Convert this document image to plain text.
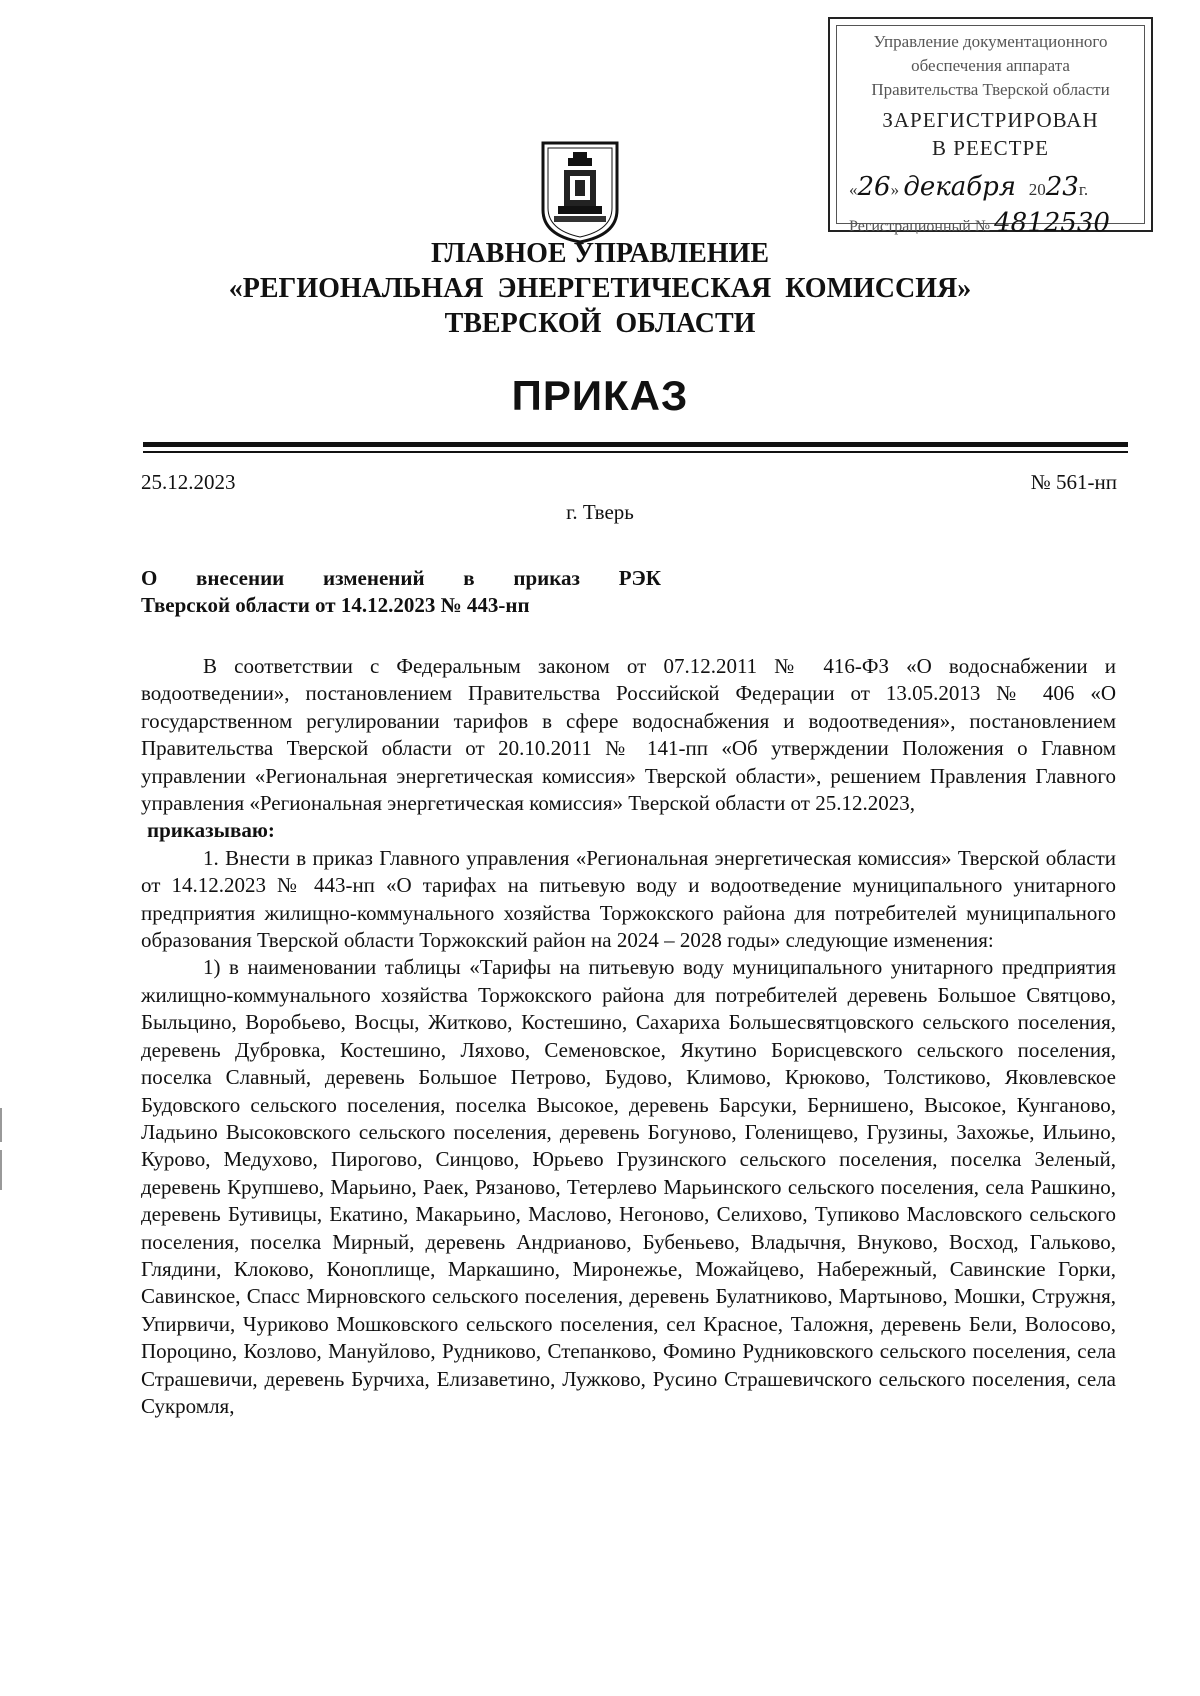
Управление документационного
обеспечения аппарата
Правительства Тверской области
ЗАРЕГИСТРИРОВАН
В РЕЕСТРЕ
«26» декабря 2023г.
Регистрационный № 4812530
ГЛАВНОЕ УПРАВЛЕНИЕ
«РЕГИОНАЛЬНАЯ  ЭНЕРГЕТИЧЕСКАЯ  КОМИССИЯ»
ТВЕРСКОЙ  ОБЛАСТИ
ПРИКАЗ
25.12.2023	№ 561-нп
г. Тверь
О внесении изменений в приказ РЭК
Тверской области от 14.12.2023 № 443-нп

В соответствии с Федеральным законом от 07.12.2011 № 416-ФЗ «О водоснабжении и водоотведении», постановлением Правительства Российской Федерации от 13.05.2013 № 406 «О государственном регулировании тарифов в сфере водоснабжения и водоотведения», постановлением Правительства Тверской области от 20.10.2011 № 141-пп «Об утверждении Положения о Главном управлении «Региональная энергетическая комиссия» Тверской области», решением Правления Главного управления «Региональная энергетическая комиссия» Тверской области от 25.12.2023,

приказываю:

1. Внести в приказ Главного управления «Региональная энергетическая комиссия» Тверской области от 14.12.2023 № 443-нп «О тарифах на питьевую воду и водоотведение муниципального унитарного предприятия жилищно-коммунального хозяйства Торжокского района для потребителей муниципального образования Тверской области Торжокский район на 2024 – 2028 годы» следующие изменения:

1) в наименовании таблицы «Тарифы на питьевую воду муниципального унитарного предприятия жилищно-коммунального хозяйства Торжокского района для потребителей деревень Большое Святцово, Быльцино, Воробьево, Восцы, Житково, Костешино, Сахариха Большесвятцовского сельского поселения, деревень Дубровка, Костешино, Ляхово, Семеновское, Якутино Борисцевского сельского поселения, поселка Славный, деревень Большое Петрово, Будово, Климово, Крюково, Толстиково, Яковлевское Будовского сельского поселения, поселка Высокое, деревень Барсуки, Бернишено, Высокое, Кунганово, Ладьино Высоковского сельского поселения, деревень Богуново, Голенищево, Грузины, Захожье, Ильино, Курово, Медухово, Пирогово, Синцово, Юрьево Грузинского сельского поселения, поселка Зеленый, деревень Крупшево, Марьино, Раек, Рязаново, Тетерлево Марьинского сельского поселения, села Рашкино, деревень Бутивицы, Екатино, Макарьино, Маслово, Негоново, Селихово, Тупиково Масловского сельского поселения, поселка Мирный, деревень Андрианово, Бубеньево, Владычня, Внуково, Восход, Гальково, Глядини, Клоково, Коноплище, Маркашино, Миронежье, Можайцево, Набережный, Савинские Горки, Савинское, Спасс Мирновского сельского поселения, деревень Булатниково, Мартыново, Мошки, Стружня, Упирвичи, Чуриково Мошковского сельского поселения, сел Красное, Таложня, деревень Бели, Волосово, Пороцино, Козлово, Мануйлово, Рудниково, Степанково, Фомино Рудниковского сельского поселения, села Страшевичи, деревень Бурчиха, Елизаветино, Лужково, Русино Страшевичского сельского поселения, села Сукромля,
